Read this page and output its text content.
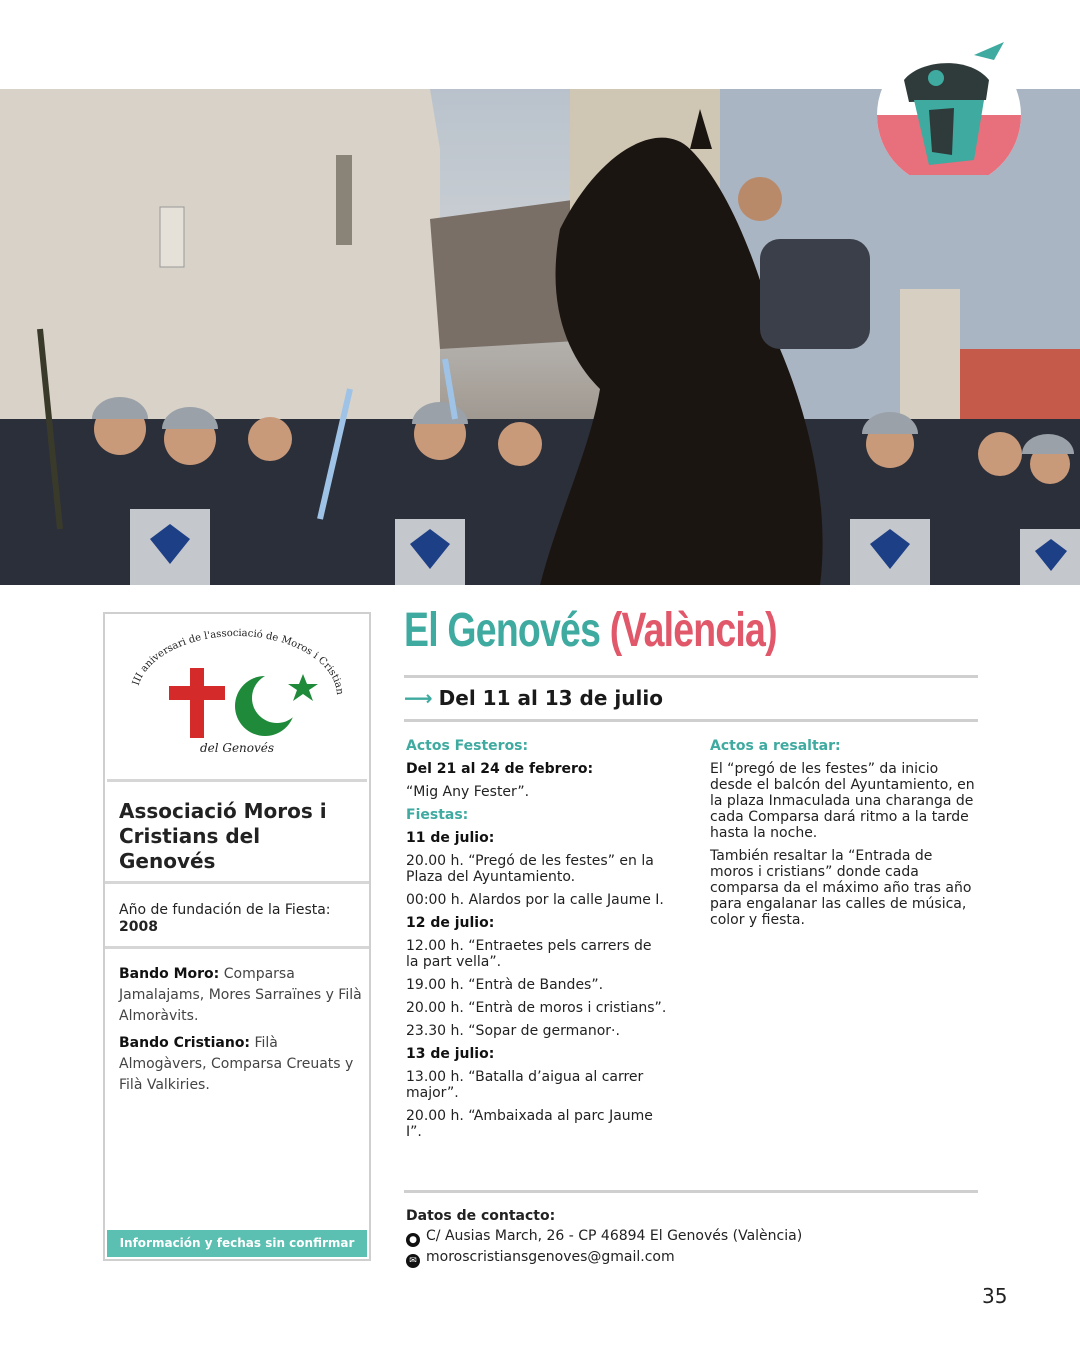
III aniversari de l'associació de Moros i Cristian
del Genovés
Associació Moros i Cristians del Genovés
Año de fundación de la Fiesta: 2008

Bando Moro: Comparsa Jamalajams, Mores Sarraïnes y Filà Almoràvits.

Bando Cristiano: Filà Almogàvers, Comparsa Creuats y Filà Valkiries.

Información y fechas sin confirmar
El Genovés (València)
⟶ Del 11 al 13 de julio

Actos Festeros:

Del 21 al 24 de febrero:

“Mig Any Fester”.

Fiestas:

11 de julio:

20.00 h. “Pregó de les festes” en la Plaza del Ayuntamiento.

00:00 h. Alardos por la calle Jaume I.

12 de julio:

12.00 h. “Entraetes pels carrers de la part vella”.

19.00 h. “Entrà de Bandes”.

20.00 h. “Entrà de moros i cristians”.

23.30 h. “Sopar de germanor·.

13 de julio:

13.00 h. “Batalla d’aigua al carrer major”.

20.00 h. “Ambaixada al parc Jaume I”.

Actos a resaltar:

El “pregó de les festes” da inicio desde el balcón del Ayuntamiento, en la plaza Inmaculada una charanga de cada Comparsa dará ritmo a la tarde hasta la noche.

También resaltar la “Entrada de moros i cristians” donde cada comparsa da el máximo año tras año para engalanar las calles de música, color y fiesta.

Datos de contacto:
● C/ Ausias March, 26 - CP 46894 El Genovés (València)
✉ moroscristiansgenoves@gmail.com
35
